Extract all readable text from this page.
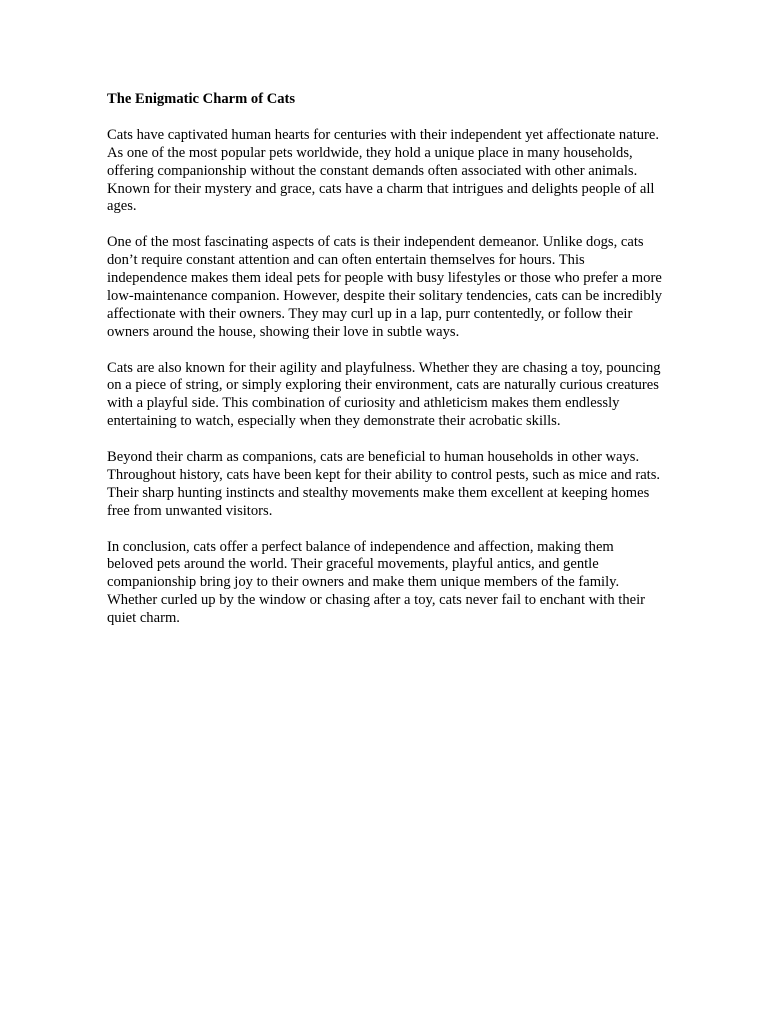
The Enigmatic Charm of Cats

Cats have captivated human hearts for centuries with their independent yet affectionate nature. As one of the most popular pets worldwide, they hold a unique place in many households, offering companionship without the constant demands often associated with other animals. Known for their mystery and grace, cats have a charm that intrigues and delights people of all ages.

One of the most fascinating aspects of cats is their independent demeanor. Unlike dogs, cats don’t require constant attention and can often entertain themselves for hours. This independence makes them ideal pets for people with busy lifestyles or those who prefer a more low-maintenance companion. However, despite their solitary tendencies, cats can be incredibly affectionate with their owners. They may curl up in a lap, purr contentedly, or follow their owners around the house, showing their love in subtle ways.

Cats are also known for their agility and playfulness. Whether they are chasing a toy, pouncing on a piece of string, or simply exploring their environment, cats are naturally curious creatures with a playful side. This combination of curiosity and athleticism makes them endlessly entertaining to watch, especially when they demonstrate their acrobatic skills.

Beyond their charm as companions, cats are beneficial to human households in other ways. Throughout history, cats have been kept for their ability to control pests, such as mice and rats. Their sharp hunting instincts and stealthy movements make them excellent at keeping homes free from unwanted visitors.

In conclusion, cats offer a perfect balance of independence and affection, making them beloved pets around the world. Their graceful movements, playful antics, and gentle companionship bring joy to their owners and make them unique members of the family. Whether curled up by the window or chasing after a toy, cats never fail to enchant with their quiet charm.
